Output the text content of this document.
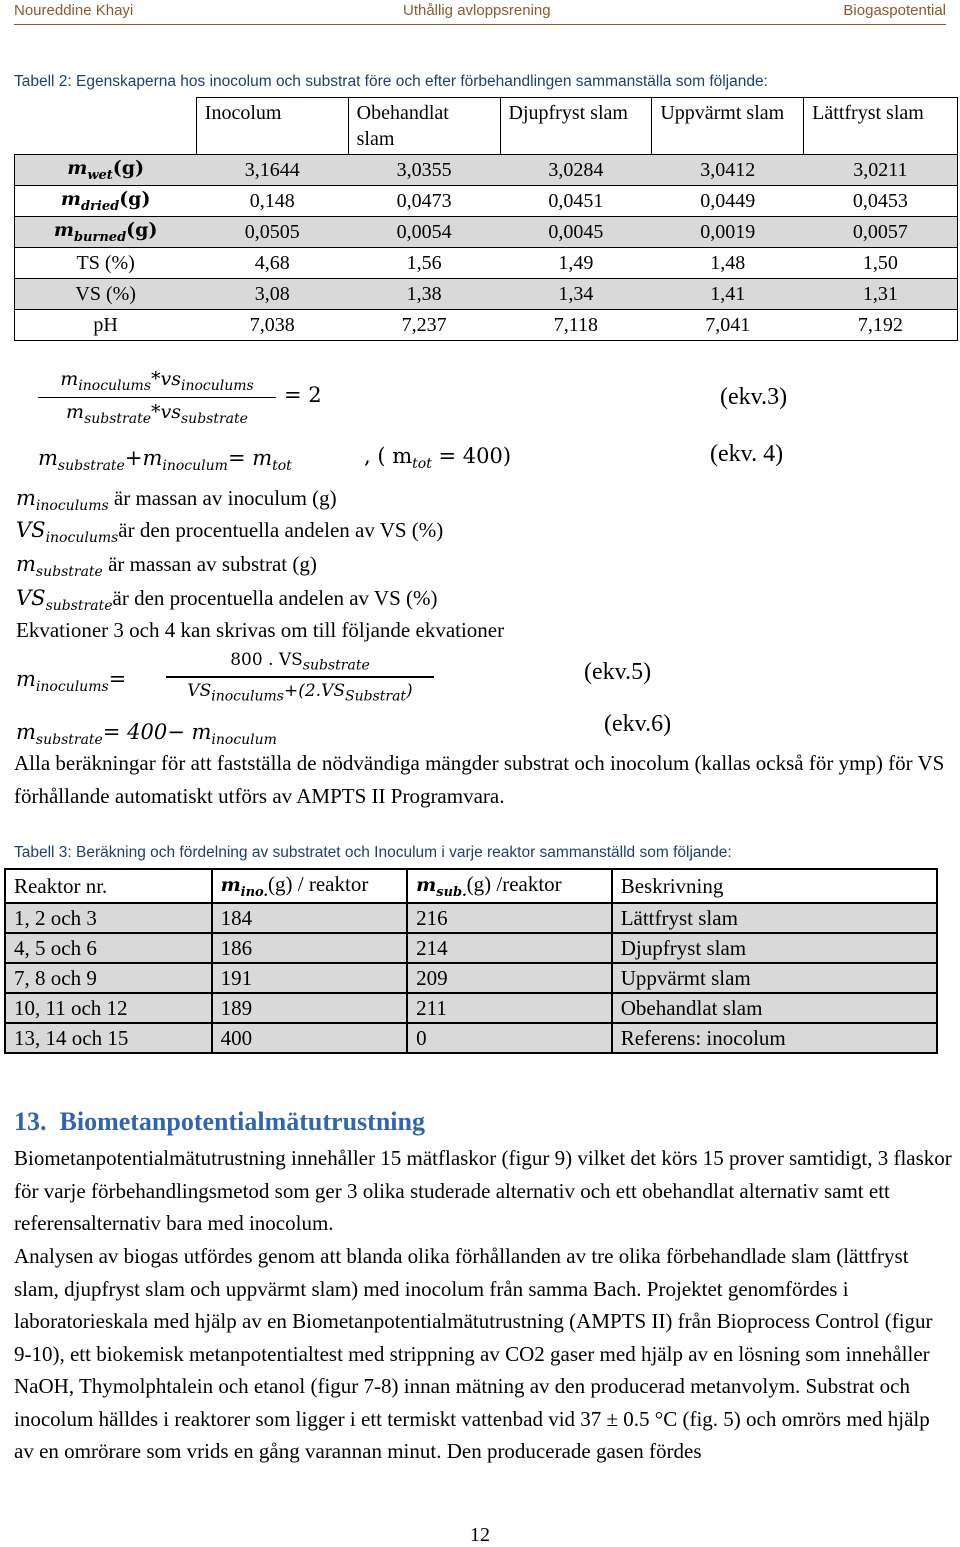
Noureddine Khayi	Uthållig avloppsrening	Biogaspotential
Tabell 2: Egenskaperna hos inocolum och substrat före och efter förbehandlingen sammanställa som följande:
	Inocolum	Obehandlat slam	Djupfryst slam	Uppvärmt slam	Lättfryst slam
$m_{wet}(g)$	3,1644	3,0355	3,0284	3,0412	3,0211
$m_{dried}(g)$	0,148	0,0473	0,0451	0,0449	0,0453
$m_{burned}(g)$	0,0505	0,0054	0,0045	0,0019	0,0057
TS (%)	4,68	1,56	1,49	1,48	1,50
VS (%)	3,08	1,38	1,34	1,41	1,31
pH	7,038	7,237	7,118	7,041	7,192
$m_{inoculums}*vs_{inoculums}$
$m_{substrate}*vs_{substrate}$
= 2	(ekv.3)
$m_{substrate}+m_{inoculum}= m_{tot}$	, ( $m_{tot} = 400$)	(ekv. 4)
$m_{inoculums}$ är massan av inoculum (g)
$VS_{inoculums}är$ den procentuella andelen av VS (%)
$m_{substrate}$ är massan av substrat (g)
$VS_{substrate}är$ den procentuella andelen av VS (%)
Ekvationer 3 och 4 kan skrivas om till följande ekvationer
$m_{inoculums}=$
800 . $VS_{substrate}$
$VS_{inoculums}+(2.VS_{Substrat})$
(ekv.5)
$m_{substrate}= 400- m_{inoculum}$
(ekv.6)
Alla beräkningar för att fastställa de nödvändiga mängder substrat och inocolum (kallas också för ymp) för VS förhållande automatiskt utförs av AMPTS II Programvara.
Tabell 3: Beräkning och fördelning av substratet och Inoculum i varje reaktor sammanställd som följande:
Reaktor nr.	$m_{ino.}(g)$ / reaktor	$m_{sub.}(g)$ /reaktor	Beskrivning
1, 2 och 3	184	216	Lättfryst slam
4, 5 och 6	186	214	Djupfryst slam
7, 8 och 9	191	209	Uppvärmt slam
10, 11 och 12	189	211	Obehandlat slam
13, 14 och 15	400	0	Referens: inocolum
13. Biometanpotentialmätutrustning
Biometanpotentialmätutrustning innehåller 15 mätflaskor (figur 9) vilket det körs 15 prover samtidigt, 3 flaskor för varje förbehandlingsmetod som ger 3 olika studerade alternativ och ett obehandlat alternativ samt ett referensalternativ bara med inocolum.
Analysen av biogas utfördes genom att blanda olika förhållanden av tre olika förbehandlade slam (lättfryst slam, djupfryst slam och uppvärmt slam) med inocolum från samma Bach. Projektet genomfördes i laboratorieskala med hjälp av en Biometanpotentialmätutrustning (AMPTS II) från Bioprocess Control (figur 9-10), ett biokemisk metanpotentialtest med strippning av CO2 gaser med hjälp av en lösning som innehåller NaOH, Thymolphtalein och etanol (figur 7-8) innan mätning av den producerad metanvolym. Substrat och inocolum hälldes i reaktorer som ligger i ett termiskt vattenbad vid 37 ± 0.5 °C (fig. 5) och omrörs med hjälp av en omrörare som vrids en gång varannan minut. Den producerade gasen fördes
12
